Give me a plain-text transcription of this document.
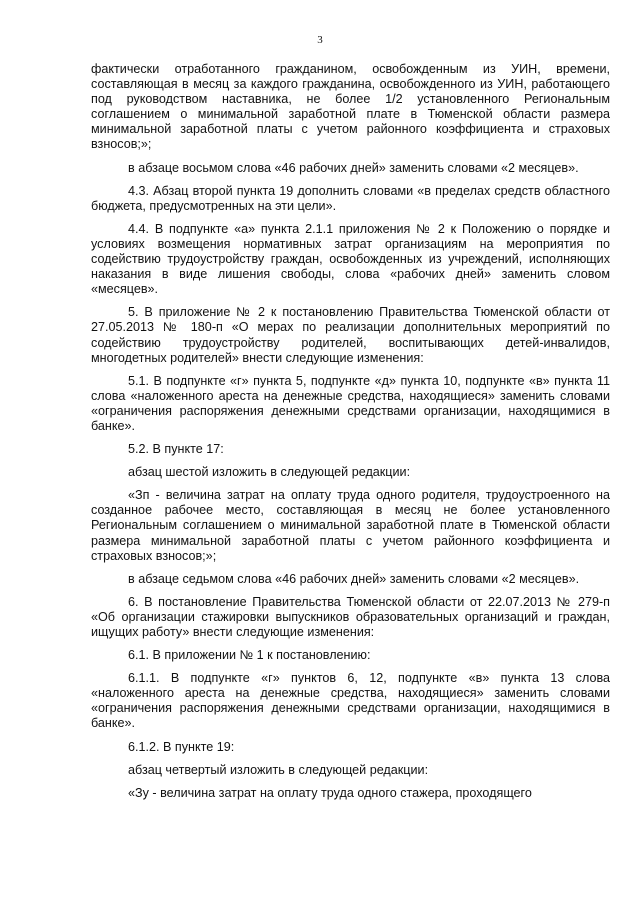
3

фактически отработанного гражданином, освобожденным из УИН, времени, составляющая в месяц за каждого гражданина, освобожденного из УИН, работающего под руководством наставника, не более 1/2 установленного Региональным соглашением о минимальной заработной плате в Тюменской области размера минимальной заработной платы с учетом районного коэффициента и страховых взносов;»;

в абзаце восьмом слова «46 рабочих дней» заменить словами «2 месяцев».

4.3. Абзац второй пункта 19 дополнить словами «в пределах средств областного бюджета, предусмотренных на эти цели».

4.4. В подпункте «а» пункта 2.1.1 приложения № 2 к Положению о порядке и условиях возмещения нормативных затрат организациям на мероприятия по содействию трудоустройству граждан, освобожденных из учреждений, исполняющих наказания в виде лишения свободы, слова «рабочих дней» заменить словом «месяцев».

5. В приложение № 2 к постановлению Правительства Тюменской области от 27.05.2013 № 180-п «О мерах по реализации дополнительных мероприятий по содействию трудоустройству родителей, воспитывающих детей-инвалидов, многодетных родителей» внести следующие изменения:

5.1. В подпункте «г» пункта 5, подпункте «д» пункта 10, подпункте «в» пункта 11 слова «наложенного ареста на денежные средства, находящиеся» заменить словами «ограничения распоряжения денежными средствами организации, находящимися в банке».

5.2. В пункте 17:

абзац шестой изложить в следующей редакции:

«Зп - величина затрат на оплату труда одного родителя, трудоустроенного на созданное рабочее место, составляющая в месяц не более установленного Региональным соглашением о минимальной заработной плате в Тюменской области размера минимальной заработной платы с учетом районного коэффициента и страховых взносов;»;

в абзаце седьмом слова «46 рабочих дней» заменить словами «2 месяцев».

6. В постановление Правительства Тюменской области от 22.07.2013 № 279-п «Об организации стажировки выпускников образовательных организаций и граждан, ищущих работу» внести следующие изменения:

6.1. В приложении № 1 к постановлению:

6.1.1. В подпункте «г» пунктов 6, 12, подпункте «в» пункта 13 слова «наложенного ареста на денежные средства, находящиеся» заменить словами «ограничения распоряжения денежными средствами организации, находящимися в банке».

6.1.2. В пункте 19:

абзац четвертый изложить в следующей редакции:

«Зу - величина затрат на оплату труда одного стажера, проходящего
